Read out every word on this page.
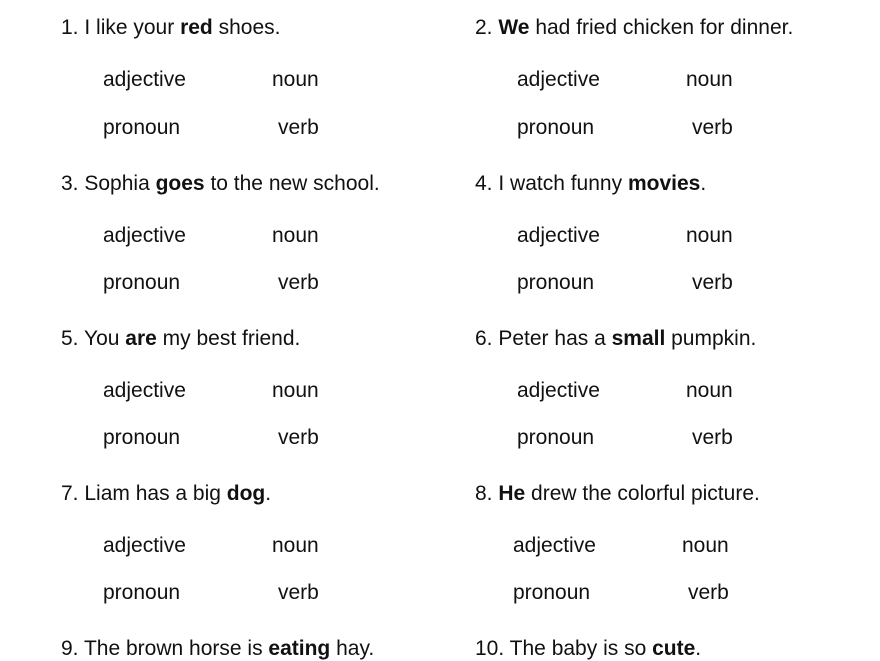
1. I like your red shoes.
adjective	noun
pronoun	verb
2. We had fried chicken for dinner.
adjective	noun
pronoun	verb
3. Sophia goes to the new school.
adjective	noun
pronoun	verb
4. I watch funny movies.
adjective	noun
pronoun	verb
5. You are my best friend.
adjective	noun
pronoun	verb
6. Peter has a small pumpkin.
adjective	noun
pronoun	verb
7. Liam has a big dog.
adjective	noun
pronoun	verb
8. He drew the colorful picture.
adjective	noun
pronoun	verb
9. The brown horse is eating hay.	10. The baby is so cute.
